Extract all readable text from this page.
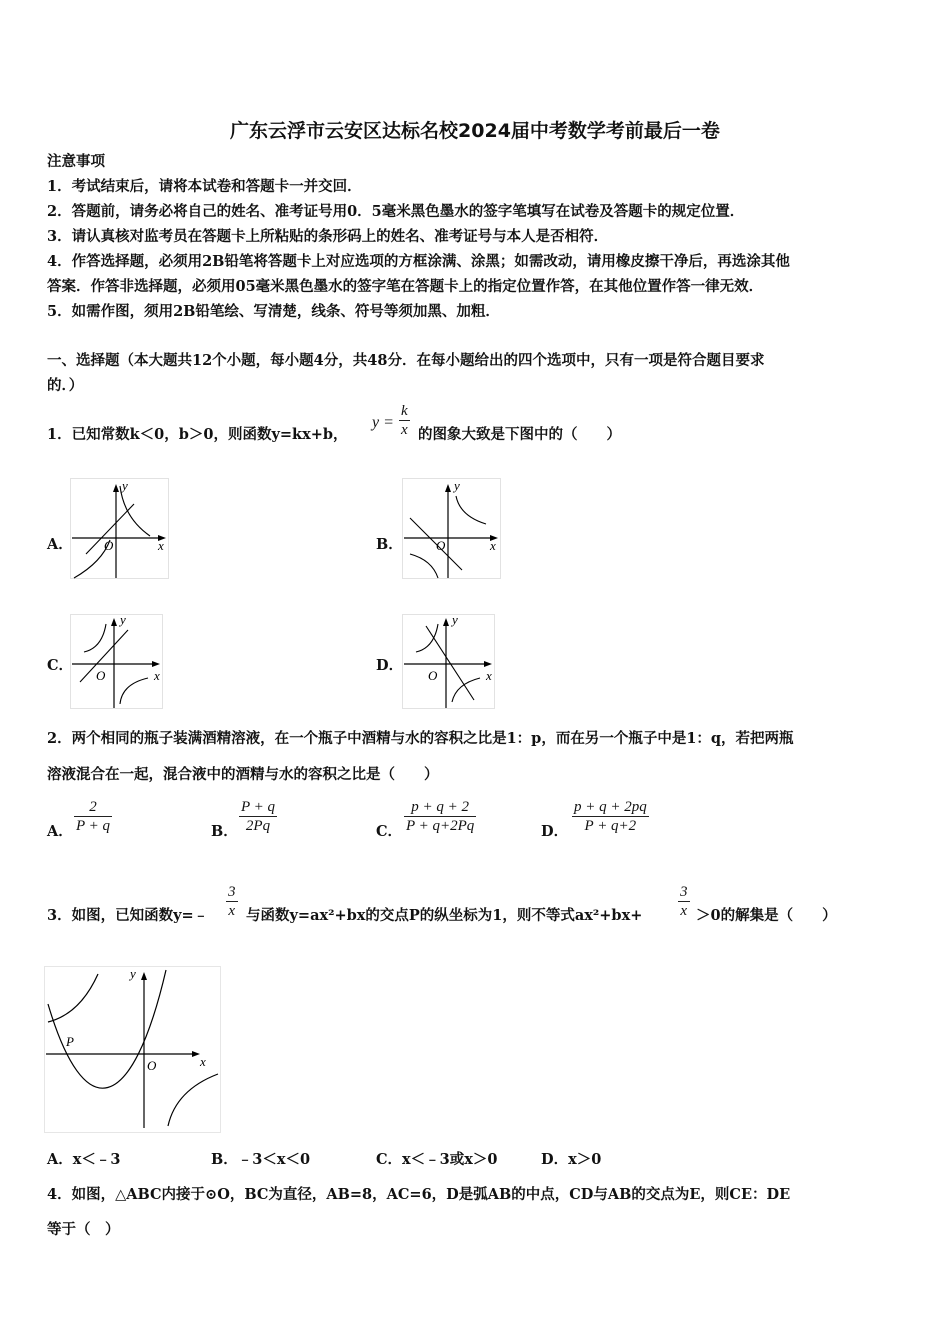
广东云浮市云安区达标名校2024届中考数学考前最后一卷
注意事项
1．考试结束后，请将本试卷和答题卡一并交回．
2．答题前，请务必将自己的姓名、准考证号用0．5毫米黑色墨水的签字笔填写在试卷及答题卡的规定位置．
3．请认真核对监考员在答题卡上所粘贴的条形码上的姓名、准考证号与本人是否相符．
4．作答选择题，必须用2B铅笔将答题卡上对应选项的方框涂满、涂黑；如需改动，请用橡皮擦干净后，再选涂其他
答案．作答非选择题，必须用05毫米黑色墨水的签字笔在答题卡上的指定位置作答，在其他位置作答一律无效．
5．如需作图，须用2B铅笔绘、写清楚，线条、符号等须加黑、加粗．
一、选择题（本大题共12个小题，每小题4分，共48分．在每小题给出的四个选项中，只有一项是符合题目要求
的．）
1．已知常数k＜0，b＞0，则函数y=kx+b，
$y = \frac{k}{x}$ 的图象大致是下图中的（　　）
A．	B．
C．	D．
x
y
O	x
y
O
x
y
O	x
y
O
2．两个相同的瓶子装满酒精溶液，在一个瓶子中酒精与水的容积之比是1：p，而在另一个瓶子中是1：q，若把两瓶
溶液混合在一起，混合液中的酒精与水的容积之比是（　　）
A． $\frac{2}{P + q}$	B． $\frac{P + q}{2Pq}$	C． $\frac{p + q + 2}{P + q+2Pq}$	D． $\frac{p + q + 2pq}{P + q+2}$
3．如图，已知函数y=﹣ $\frac{3}{x}$ 与函数y=ax²+bx的交点P的纵坐标为1，则不等式$ax^2+bx+ \frac{3}{x} >0$的解集是（　　）
P
O	x
y
A．x＜﹣3	B．﹣3＜x＜0	C．x＜﹣3或x＞0	D．x＞0
4．如图，△ABC内接于⊙O，BC为直径，AB=8，AC=6，D是弧AB的中点，CD与AB的交点为E，则CE：DE
等于（　）
